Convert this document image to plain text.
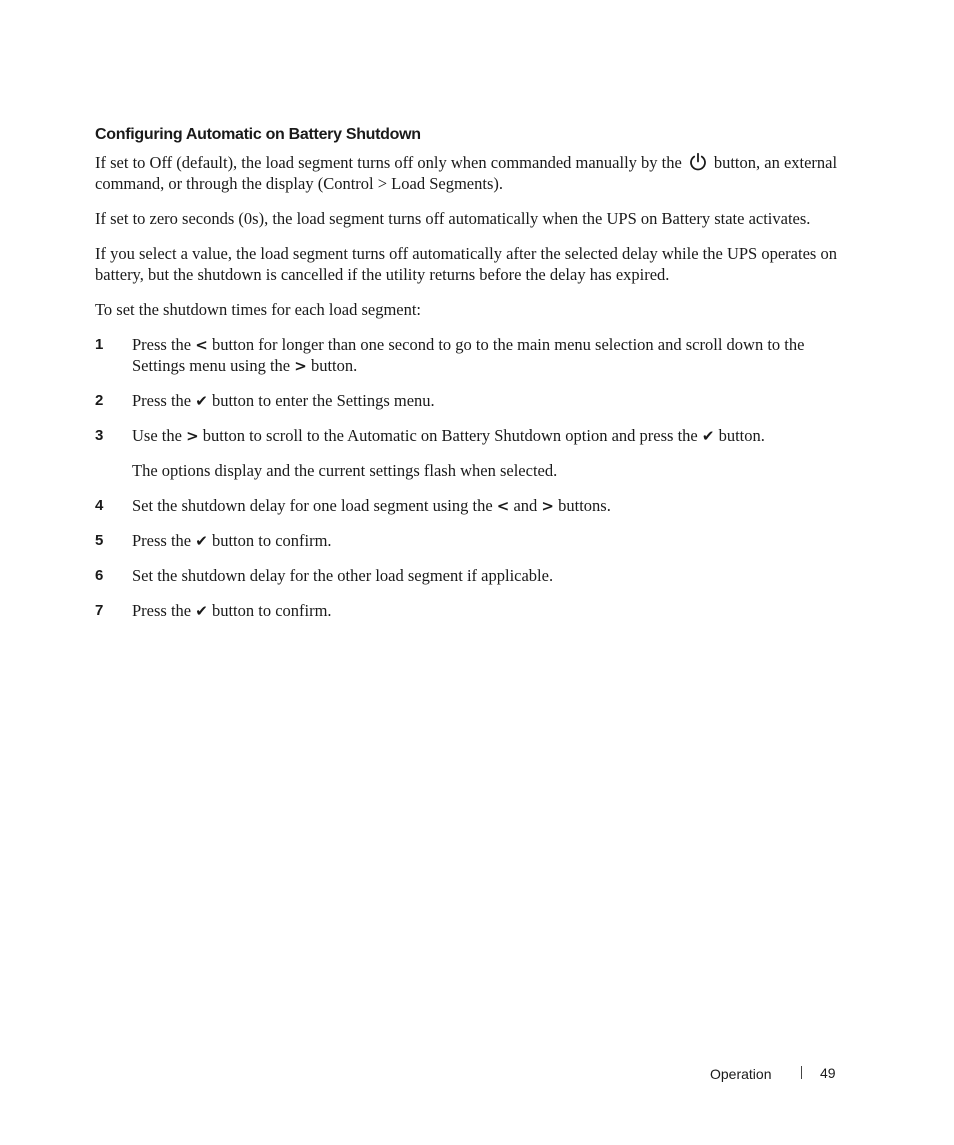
Configuring Automatic on Battery Shutdown

If set to Off (default), the load segment turns off only when commanded manually by the button, an external command, or through the display (Control > Load Segments).

If set to zero seconds (0s), the load segment turns off automatically when the UPS on Battery state activates.

If you select a value, the load segment turns off automatically after the selected delay while the UPS operates on battery, but the shutdown is cancelled if the utility returns before the delay has expired.

To set the shutdown times for each load segment:

1 Press the < button for longer than one second to go to the main menu selection and scroll down to the Settings menu using the > button.
2 Press the ✔ button to enter the Settings menu.
3 Use the > button to scroll to the Automatic on Battery Shutdown option and press the ✔ button.
The options display and the current settings flash when selected.
4 Set the shutdown delay for one load segment using the < and > buttons.
5 Press the ✔ button to confirm.
6 Set the shutdown delay for the other load segment if applicable.
7 Press the ✔ button to confirm.
Operation	49
